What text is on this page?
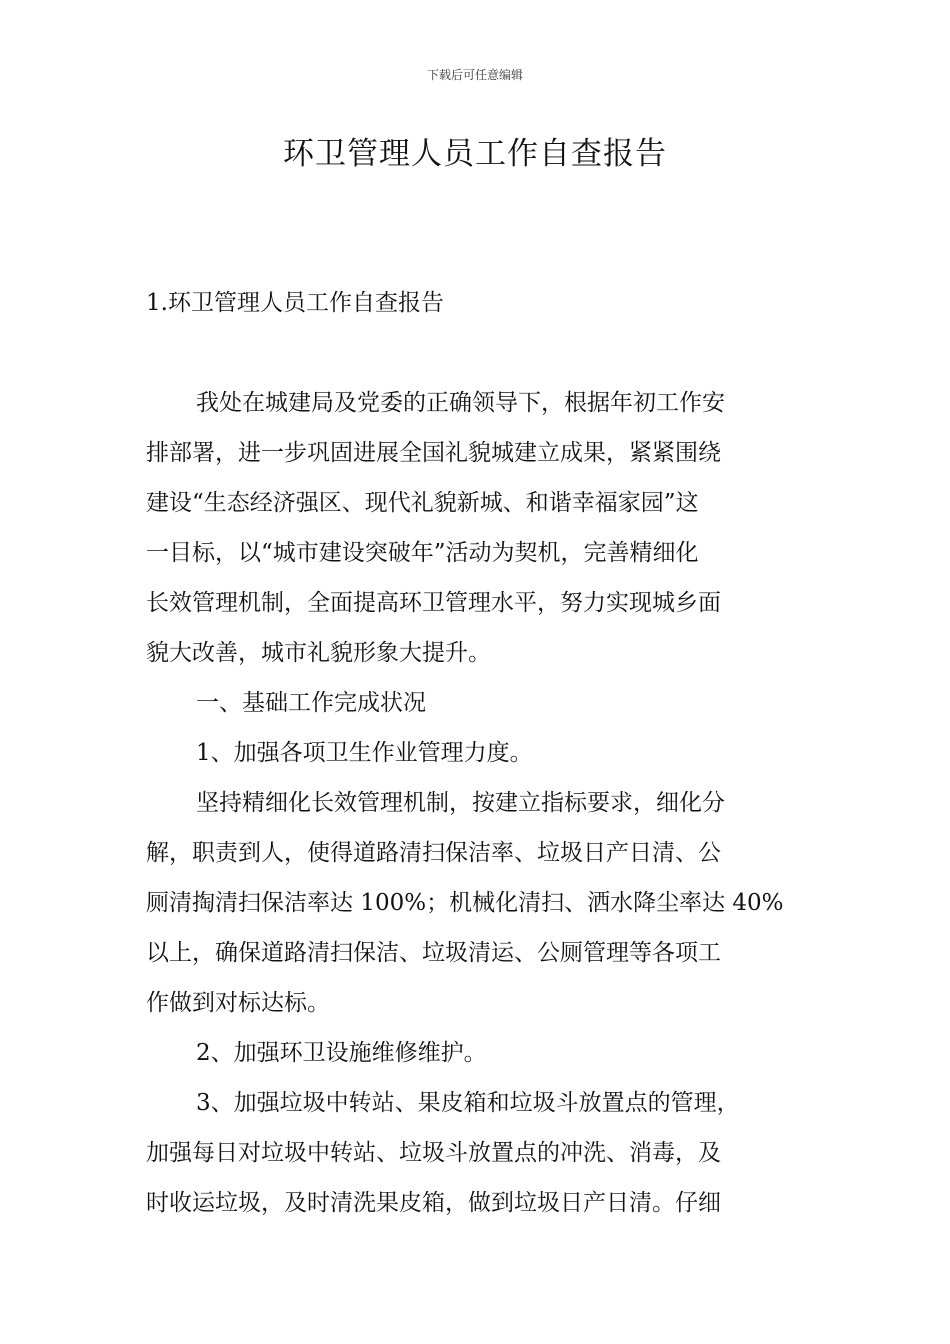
下载后可任意编辑
环卫管理人员工作自查报告
1.环卫管理人员工作自查报告
我处在城建局及党委的正确领导下，根据年初工作安
排部署，进一步巩固进展全国礼貌城建立成果，紧紧围绕
建设“生态经济强区、现代礼貌新城、和谐幸福家园”这
一目标，以“城市建设突破年”活动为契机，完善精细化
长效管理机制，全面提高环卫管理水平，努力实现城乡面
貌大改善，城市礼貌形象大提升。
一、基础工作完成状况
1、加强各项卫生作业管理力度。
坚持精细化长效管理机制，按建立指标要求，细化分
解，职责到人，使得道路清扫保洁率、垃圾日产日清、公
厕清掏清扫保洁率达 100%；机械化清扫、洒水降尘率达 40%
以上，确保道路清扫保洁、垃圾清运、公厕管理等各项工
作做到对标达标。
2、加强环卫设施维修维护。
3、加强垃圾中转站、果皮箱和垃圾斗放置点的管理，
加强每日对垃圾中转站、垃圾斗放置点的冲洗、消毒，及
时收运垃圾，及时清洗果皮箱，做到垃圾日产日清。仔细
